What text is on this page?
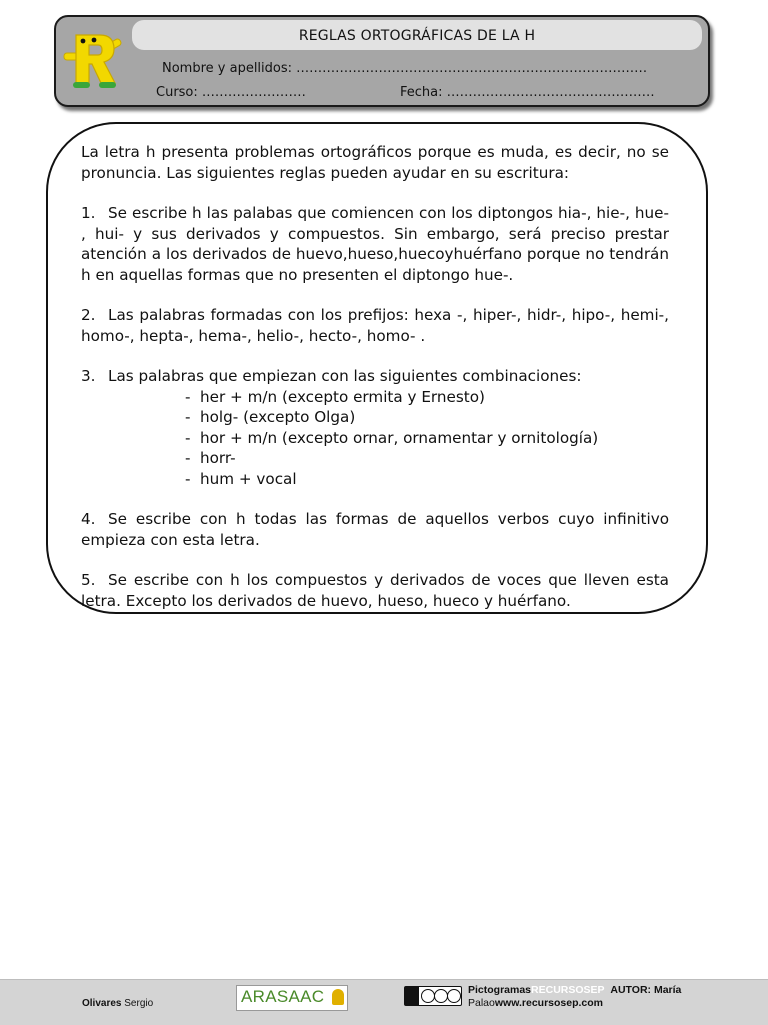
REGLAS ORTOGRÁFICAS DE LA H
Nombre y apellidos: ………………………………………………………………………
Curso: ……………………	Fecha: …………………………………………

La letra h presenta problemas ortográficos porque es muda, es decir, no se pronuncia. Las siguientes reglas pueden ayudar en su escritura:

1. Se escribe h las palabas que comiencen con los diptongos hia-, hie-, hue- , hui- y sus derivados y compuestos. Sin embargo, será preciso prestar atención a los derivados de huevo,hueso,huecoyhuérfano porque no tendrán h en aquellas formas que no presenten el diptongo hue-.

2. Las palabras formadas con los prefijos: hexa -, hiper-, hidr-, hipo-, hemi-, homo-, hepta-, hema-, helio-, hecto-, homo- .

3. Las palabras que empiezan con las siguientes combinaciones:
- her + m/n (excepto ermita y Ernesto)
- holg- (excepto Olga)
- hor + m/n (excepto ornar, ornamentar y ornitología)
- horr-
- hum + vocal

4. Se escribe con h todas las formas de aquellos verbos cuyo infinitivo empieza con esta letra.

5. Se escribe con h los compuestos y derivados de voces que lleven esta letra. Excepto los derivados de huevo, hueso, hueco y huérfano.

Olivares Sergio	ARASAAC	PictogramasRECURSOSEP AUTOR: María
Palaowww.recursosep.com
